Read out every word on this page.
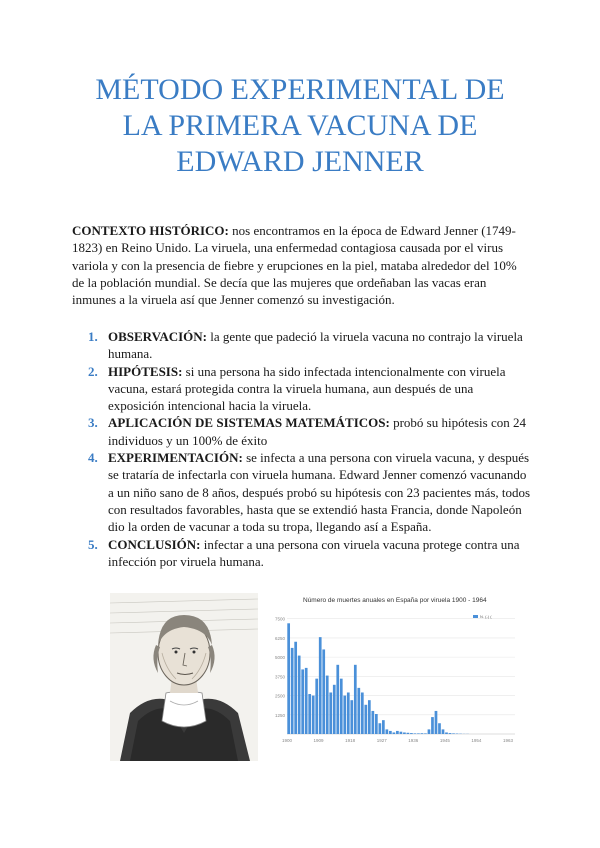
MÉTODO EXPERIMENTAL DE
LA PRIMERA VACUNA DE
EDWARD JENNER
CONTEXTO HISTÓRICO: nos encontramos en la época de Edward Jenner (1749-1823) en Reino Unido. La viruela, una enfermedad contagiosa causada por el virus variola y con la presencia de fiebre y erupciones en la piel, mataba alrededor del 10% de la población mundial. Se decía que las mujeres que ordeñaban las vacas eran inmunes a la viruela así que Jenner comenzó su investigación.
1. OBSERVACIÓN: la gente que padeció la viruela vacuna no contrajo la viruela humana.
2. HIPÓTESIS: si una persona ha sido infectada intencionalmente con viruela vacuna, estará protegida contra la viruela humana, aun después de una exposición intencional hacia la viruela.
3. APLICACIÓN DE SISTEMAS MATEMÁTICOS: probó su hipótesis con 24 individuos y un 100% de éxito
4. EXPERIMENTACIÓN: se infecta a una persona con viruela vacuna, y después se trataría de infectarla con viruela humana. Edward Jenner comenzó vacunando a un niño sano de 8 años, después probó su hipótesis con 23 pacientes más, todos con resultados favorables, hasta que se extendió hasta Francia, donde Napoleón dio la orden de vacunar a toda su tropa, llegando así a España.
5. CONCLUSIÓN: infectar a una persona con viruela vacuna protege contra una infección por viruela humana.
Número de muertes anuales en España por viruela 1900 - 1964
7500
6250
5000
3750
2500
1250
1900	1909	1918	1927	1936	1945	1954	1963
N. (-) (
